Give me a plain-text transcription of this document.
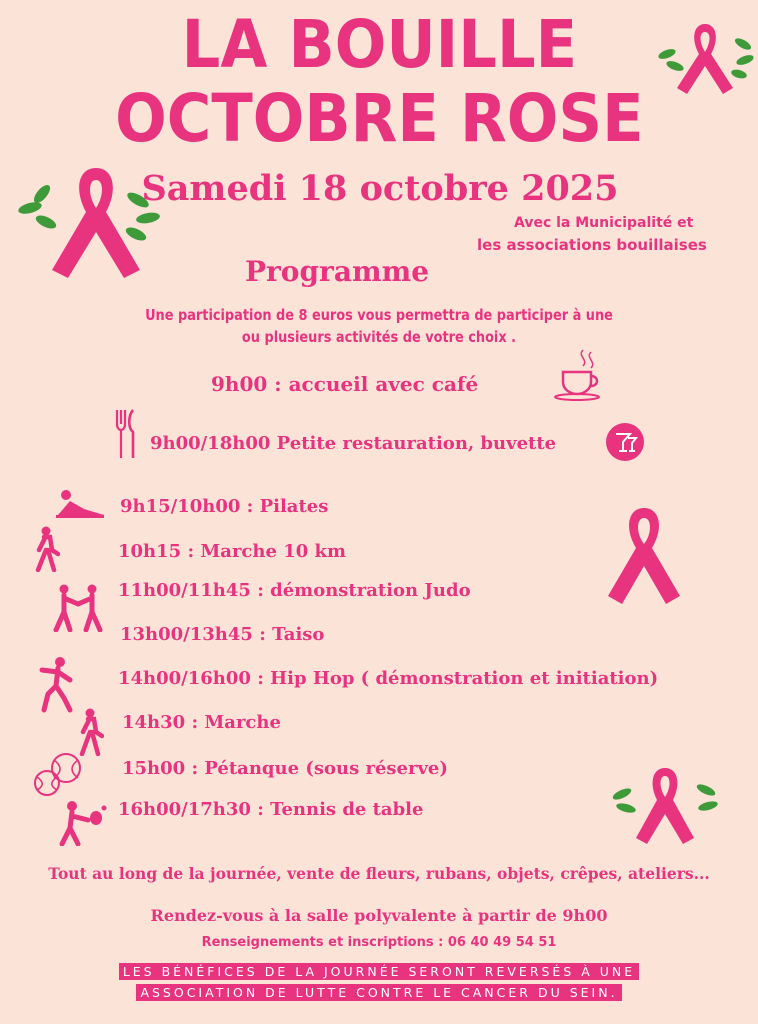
LA BOUILLE
OCTOBRE ROSE
Samedi 18 octobre 2025
Avec la Municipalité et
les associations bouillaises
Programme
Une participation de 8 euros vous permettra de participer à une
ou plusieurs activités de votre choix .
9h00 : accueil avec café
9h00/18h00 Petite restauration, buvette
9h15/10h00 : Pilates
10h15 : Marche 10 km
11h00/11h45 : démonstration Judo
13h00/13h45 : Taiso
14h00/16h00 : Hip Hop ( démonstration et initiation)
14h30 : Marche
15h00 : Pétanque (sous réserve)
16h00/17h30 : Tennis de table
Tout au long de la journée, vente de fleurs, rubans, objets, crêpes, ateliers...
Rendez-vous à la salle polyvalente à partir de 9h00
Renseignements et inscriptions : 06 40 49 54 51
LES BÉNÉFICES DE LA JOURNÉE SERONT REVERSÉS À UNE
ASSOCIATION DE LUTTE CONTRE LE CANCER DU SEIN.
